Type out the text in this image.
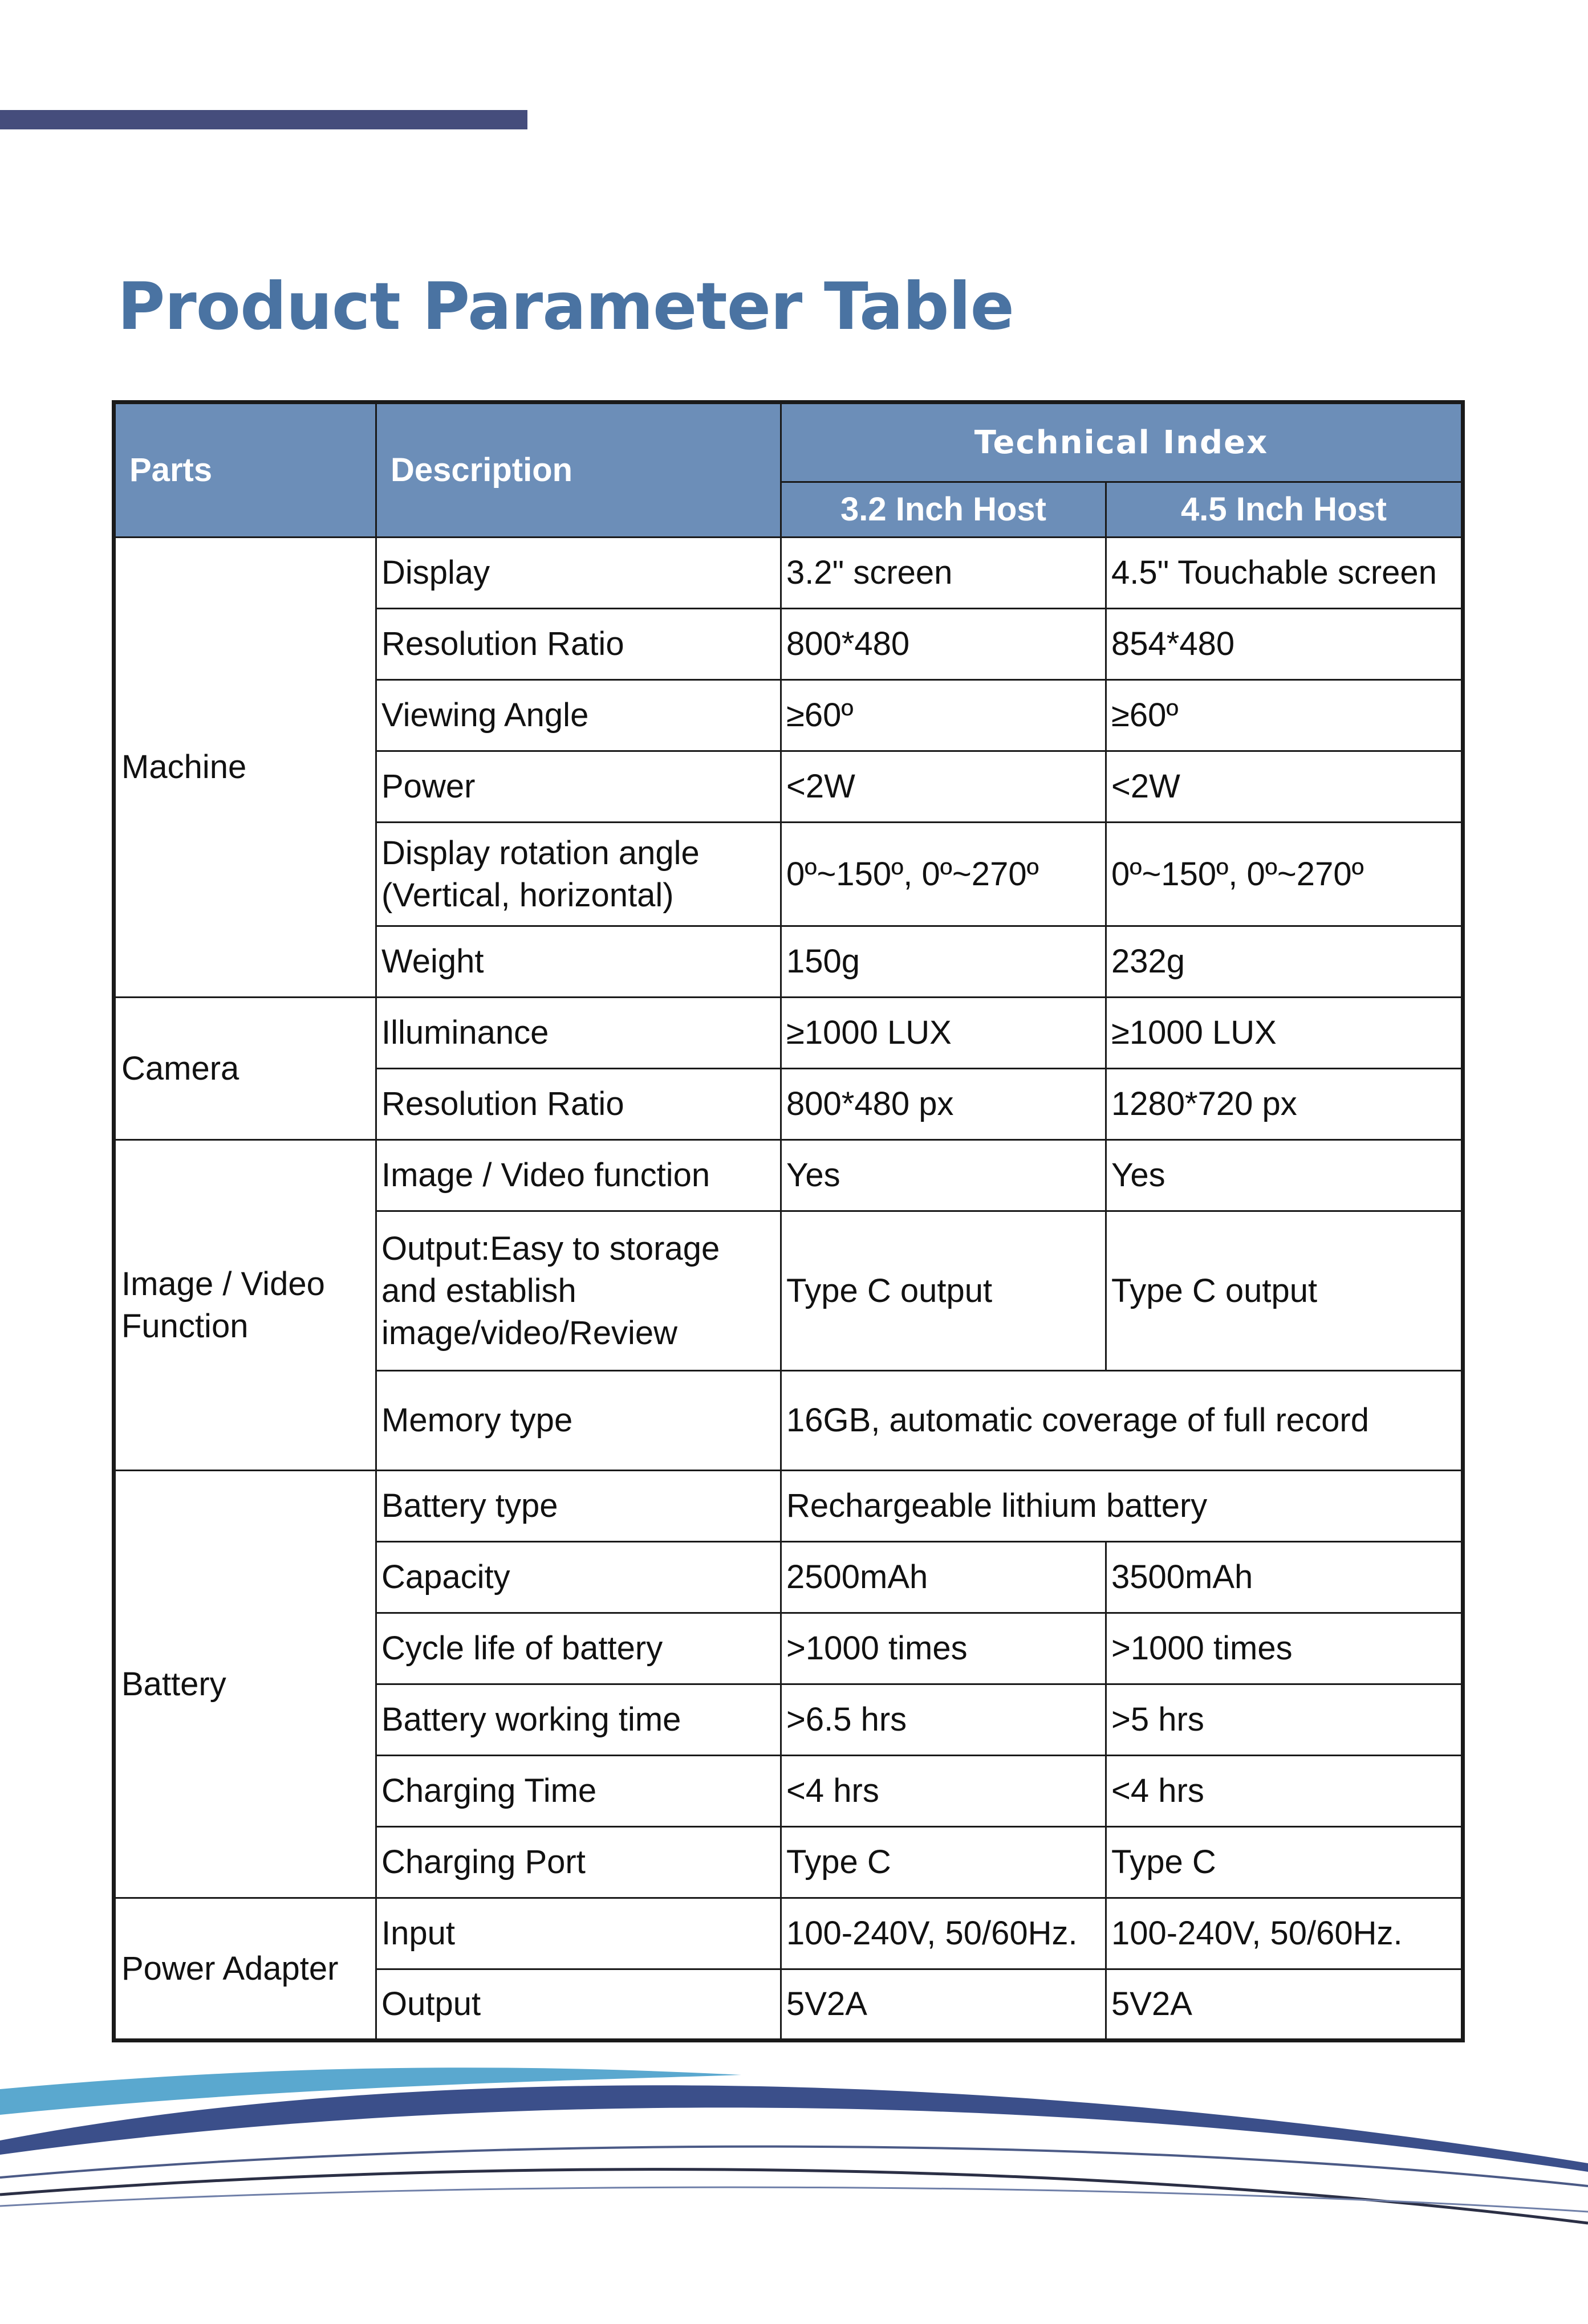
Product Parameter Table
Parts	Description	Technical Index	
		3.2 Inch Host	4.5 Inch Host
Machine	Display	3.2" screen	4.5" Touchable screen
	Resolution Ratio	800*480	854*480
	Viewing Angle	≥60º	≥60º
	Power	<2W	<2W
	Display rotation angle (Vertical, horizontal)	0º~150º, 0º~270º	0º~150º, 0º~270º
	Weight	150g	232g
Camera	Illuminance	≥1000 LUX	≥1000 LUX
	Resolution Ratio	800*480 px	1280*720 px
Image / Video Function	Image / Video function	Yes	Yes
	Output:Easy to storage and establish image/video/Review	Type C output	Type C output
	Memory type	16GB, automatic coverage of full record	
Battery	Battery type	Rechargeable lithium battery	
	Capacity	2500mAh	3500mAh
	Cycle life of battery	>1000 times	>1000 times
	Battery working time	>6.5 hrs	>5 hrs
	Charging Time	<4 hrs	<4 hrs
	Charging Port	Type C	Type C
Power Adapter	Input	100-240V, 50/60Hz.	100-240V, 50/60Hz.
	Output	5V2A	5V2A
